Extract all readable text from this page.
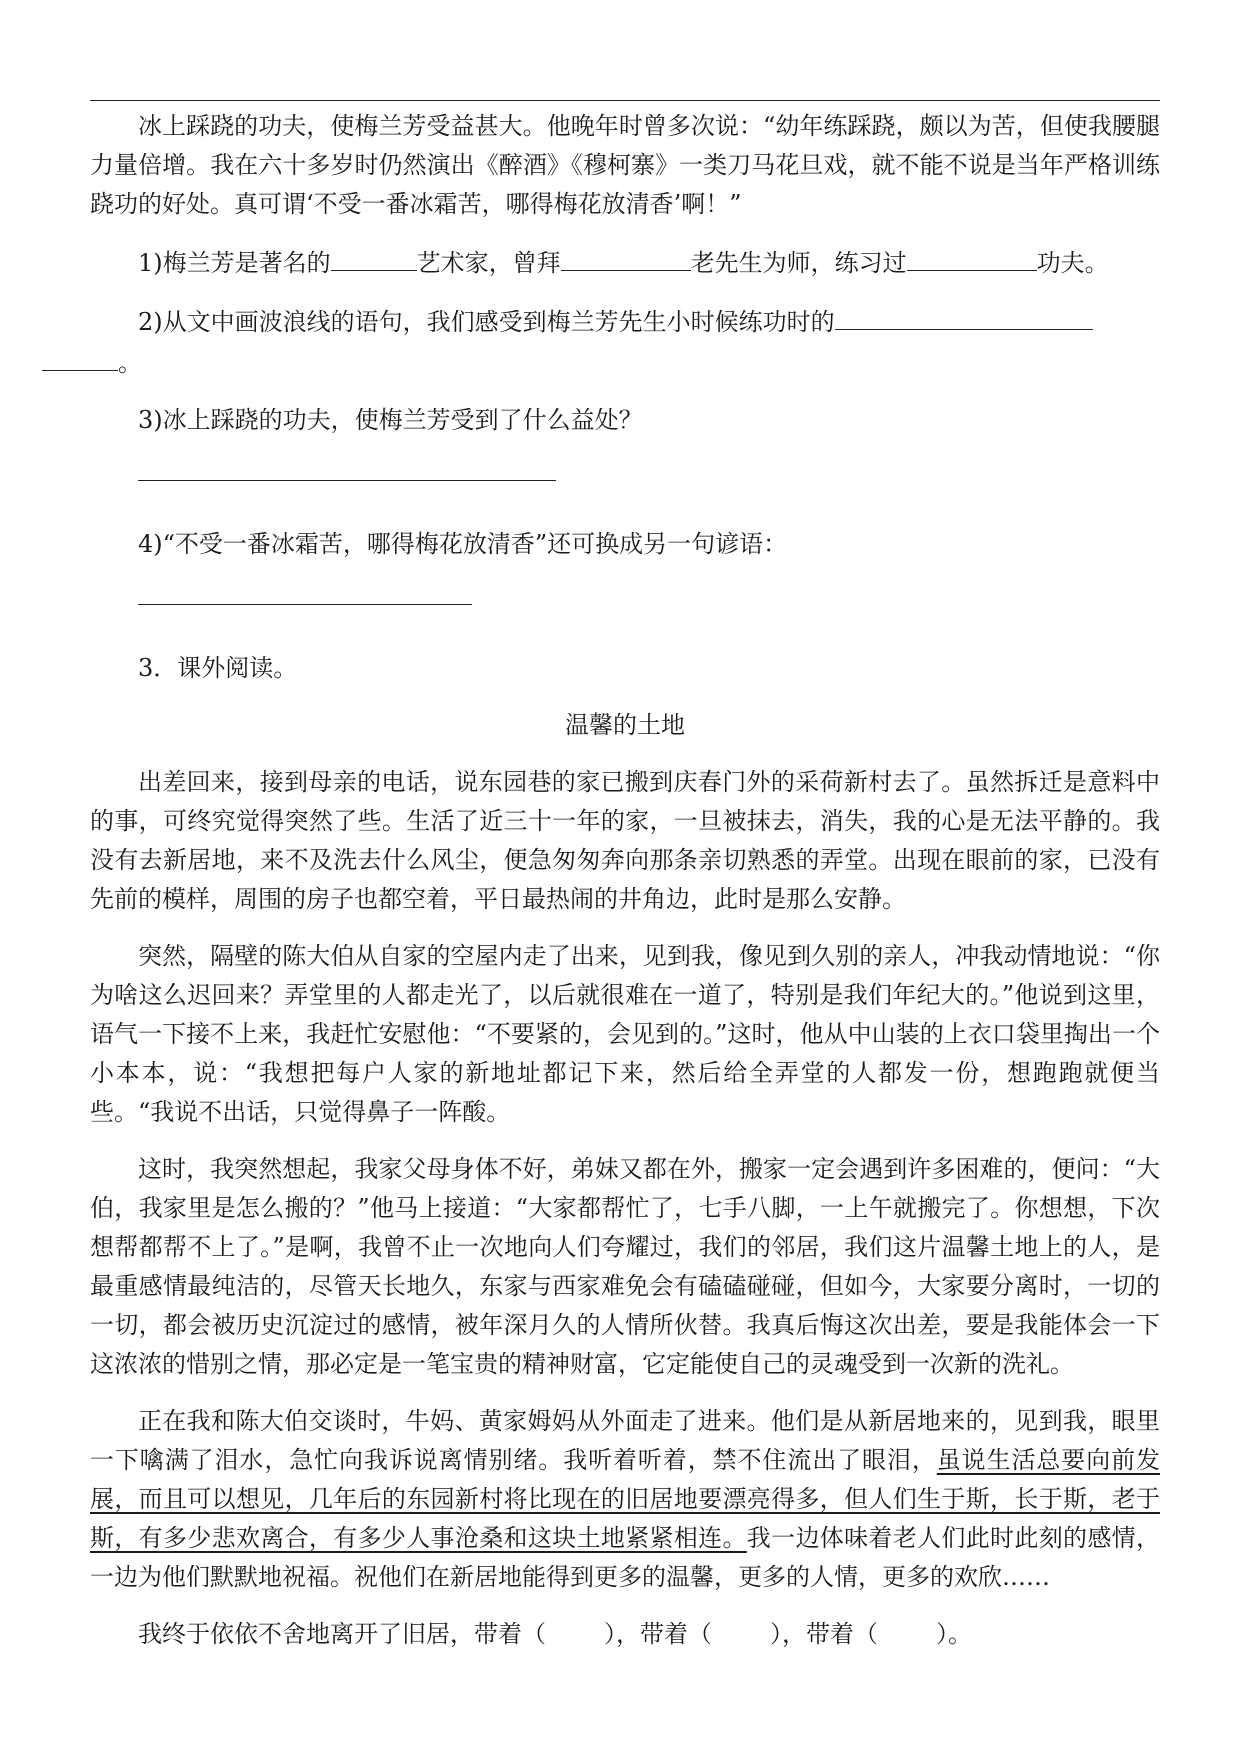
冰上踩跷的功夫，使梅兰芳受益甚大。他晚年时曾多次说：“幼年练踩跷，颇以为苦，但使我腰腿力量倍增。我在六十多岁时仍然演出《醉酒》《穆柯寨》一类刀马花旦戏，就不能不说是当年严格训练跷功的好处。真可谓‘不受一番冰霜苦，哪得梅花放清香’啊！”

1)梅兰芳是著名的	艺术家，曾拜	老先生为师，练习过	功夫。

2)从文中画波浪线的语句，我们感受到梅兰芳先生小时候练功时的
。

3)冰上踩跷的功夫，使梅兰芳受到了什么益处？

4)“不受一番冰霜苦，哪得梅花放清香”还可换成另一句谚语：

3．课外阅读。

温馨的土地

出差回来，接到母亲的电话，说东园巷的家已搬到庆春门外的采荷新村去了。虽然拆迁是意料中的事，可终究觉得突然了些。生活了近三十一年的家，一旦被抹去，消失，我的心是无法平静的。我没有去新居地，来不及洗去什么风尘，便急匆匆奔向那条亲切熟悉的弄堂。出现在眼前的家，已没有先前的模样，周围的房子也都空着，平日最热闹的井角边，此时是那么安静。

突然，隔壁的陈大伯从自家的空屋内走了出来，见到我，像见到久别的亲人，冲我动情地说：“你为啥这么迟回来？弄堂里的人都走光了，以后就很难在一道了，特别是我们年纪大的。”他说到这里，语气一下接不上来，我赶忙安慰他：“不要紧的，会见到的。”这时，他从中山装的上衣口袋里掏出一个小本本，说：“我想把每户人家的新地址都记下来，然后给全弄堂的人都发一份，想跑跑就便当些。“我说不出话，只觉得鼻子一阵酸。

这时，我突然想起，我家父母身体不好，弟妹又都在外，搬家一定会遇到许多困难的，便问：“大伯，我家里是怎么搬的？”他马上接道：“大家都帮忙了，七手八脚，一上午就搬完了。你想想，下次想帮都帮不上了。”是啊，我曾不止一次地向人们夸耀过，我们的邻居，我们这片温馨土地上的人，是最重感情最纯洁的，尽管天长地久，东家与西家难免会有磕磕碰碰，但如今，大家要分离时，一切的一切，都会被历史沉淀过的感情，被年深月久的人情所伙替。我真后悔这次出差，要是我能体会一下这浓浓的惜别之情，那必定是一笔宝贵的精神财富，它定能使自己的灵魂受到一次新的洗礼。

正在我和陈大伯交谈时，牛妈、黄家姆妈从外面走了进来。他们是从新居地来的，见到我，眼里一下噙满了泪水，急忙向我诉说离情别绪。我听着听着，禁不住流出了眼泪，虽说生活总要向前发展，而且可以想见，几年后的东园新村将比现在的旧居地要漂亮得多，但人们生于斯，长于斯，老于斯，有多少悲欢离合，有多少人事沧桑和这块土地紧紧相连。我一边体味着老人们此时此刻的感情，一边为他们默默地祝福。祝他们在新居地能得到更多的温馨，更多的人情，更多的欢欣……

我终于依依不舍地离开了旧居，带着（ ），带着（ ），带着（ ）。
